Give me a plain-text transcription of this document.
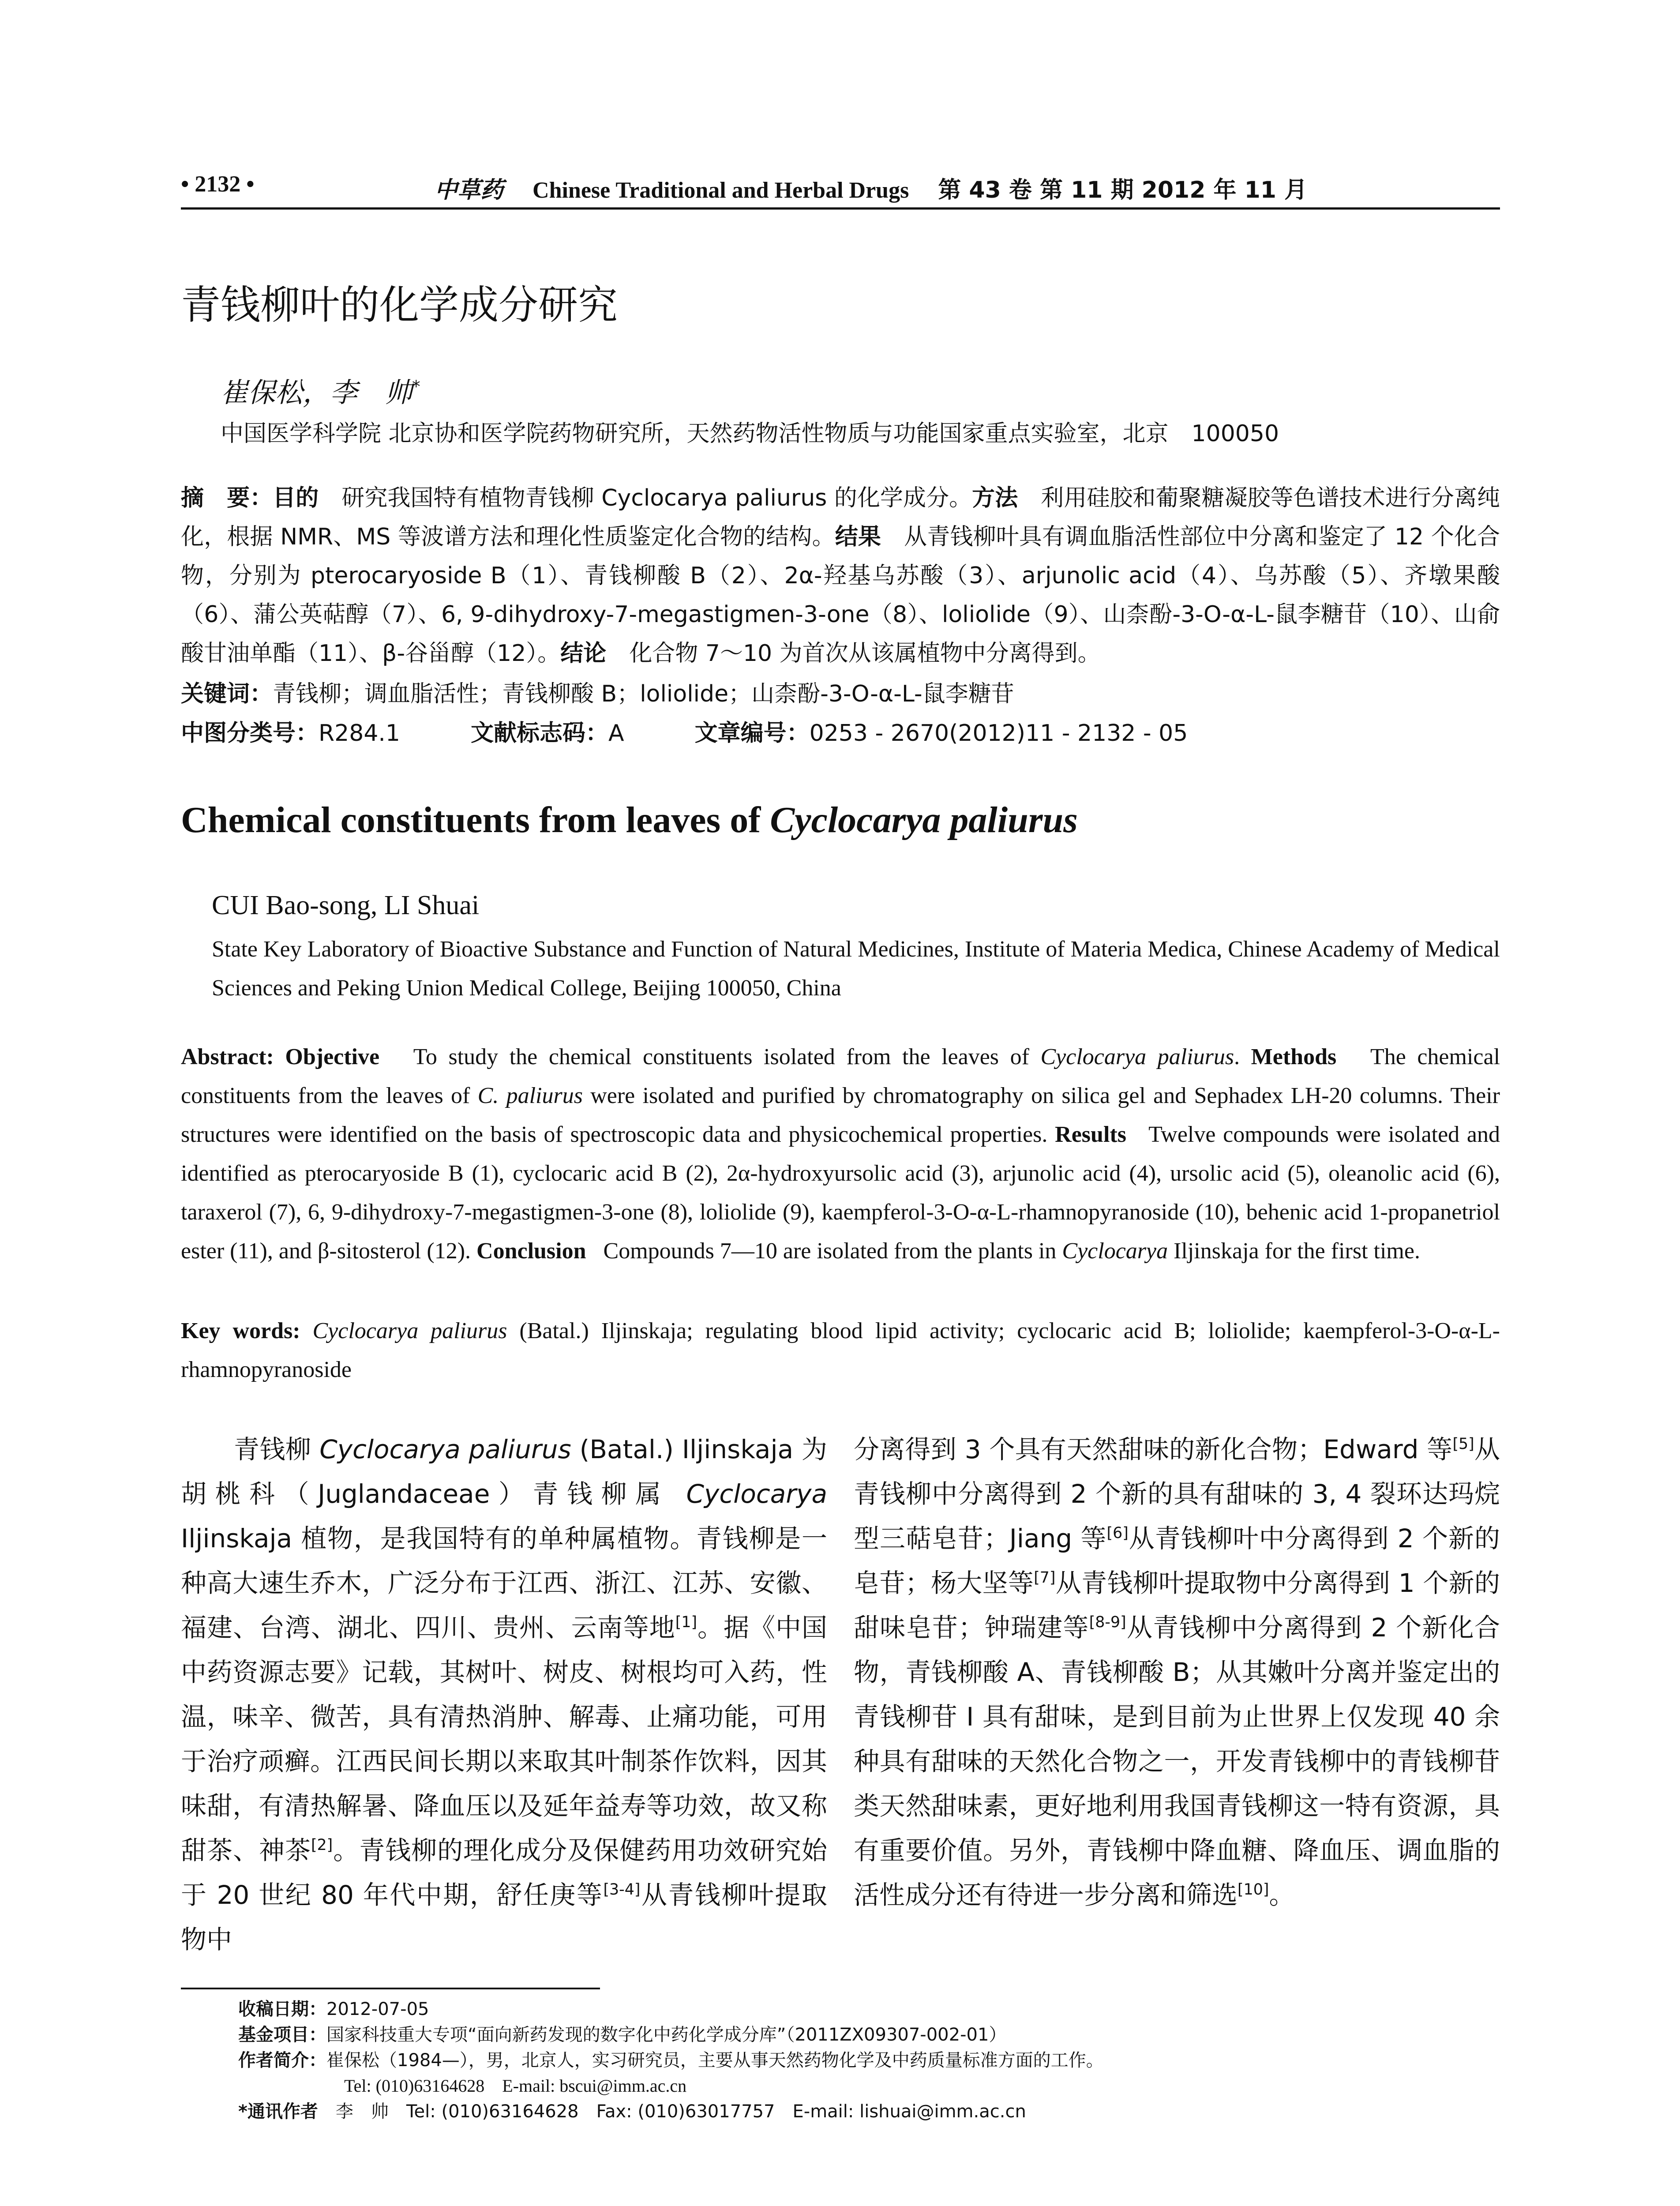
• 2132 •	中草药 Chinese Traditional and Herbal Drugs 第 43 卷 第 11 期 2012 年 11 月
青钱柳叶的化学成分研究
崔保松，李　帅*
中国医学科学院 北京协和医学院药物研究所，天然药物活性物质与功能国家重点实验室，北京　100050
摘　要：目的　 研究我国特有植物青钱柳 Cyclocarya paliurus 的化学成分。方法　 利用硅胶和葡聚糖凝胶等色谱技术进行分离纯化，根据 NMR、MS 等波谱方法和理化性质鉴定化合物的结构。结果　 从青钱柳叶具有调血脂活性部位中分离和鉴定了 12 个化合物，分别为 pterocaryoside B（1）、青钱柳酸 B（2）、2α-羟基乌苏酸（3）、arjunolic acid（4）、乌苏酸（5）、齐墩果酸（6）、蒲公英萜醇（7）、6, 9-dihydroxy-7-megastigmen-3-one（8）、loliolide（9）、山柰酚-3-O-α-L-鼠李糖苷（10）、山俞酸甘油单酯（11）、β-谷甾醇（12）。结论　 化合物 7～10 为首次从该属植物中分离得到。
关键词：青钱柳；调血脂活性；青钱柳酸 B；loliolide；山柰酚-3-O-α-L-鼠李糖苷
中图分类号：R284.1	文献标志码：A	文章编号：0253 - 2670(2012)11 - 2132 - 05
Chemical constituents from leaves of Cyclocarya paliurus
CUI Bao-song, LI Shuai
State Key Laboratory of Bioactive Substance and Function of Natural Medicines, Institute of Materia Medica, Chinese Academy of Medical Sciences and Peking Union Medical College, Beijing 100050, China
Abstract: Objective To study the chemical constituents isolated from the leaves of Cyclocarya paliurus. Methods The chemical constituents from the leaves of C. paliurus were isolated and purified by chromatography on silica gel and Sephadex LH-20 columns. Their structures were identified on the basis of spectroscopic data and physicochemical properties. Results Twelve compounds were isolated and identified as pterocaryoside B (1), cyclocaric acid B (2), 2α-hydroxyursolic acid (3), arjunolic acid (4), ursolic acid (5), oleanolic acid (6), taraxerol (7), 6, 9-dihydroxy-7-megastigmen-3-one (8), loliolide (9), kaempferol-3-O-α-L-rhamnopyranoside (10), behenic acid 1-propanetriol ester (11), and β-sitosterol (12). Conclusion Compounds 7—10 are isolated from the plants in Cyclocarya Iljinskaja for the first time.
Key words: Cyclocarya paliurus (Batal.) Iljinskaja; regulating blood lipid activity; cyclocaric acid B; loliolide; kaempferol-3-O-α-L-rhamnopyranoside
青钱柳 Cyclocarya paliurus (Batal.) Iljinskaja 为胡桃科（Juglandaceae）青钱柳属 Cyclocarya Iljinskaja 植物，是我国特有的单种属植物。青钱柳是一种高大速生乔木，广泛分布于江西、浙江、江苏、安徽、福建、台湾、湖北、四川、贵州、云南等地[1]。据《中国中药资源志要》记载，其树叶、树皮、树根均可入药，性温，味辛、微苦，具有清热消肿、解毒、止痛功能，可用于治疗顽癣。江西民间长期以来取其叶制茶作饮料，因其味甜，有清热解暑、降血压以及延年益寿等功效，故又称甜茶、神茶[2]。青钱柳的理化成分及保健药用功效研究始于 20 世纪 80 年代中期，舒任庚等[3-4]从青钱柳叶提取物中
分离得到 3 个具有天然甜味的新化合物；Edward 等[5]从青钱柳中分离得到 2 个新的具有甜味的 3, 4 裂环达玛烷型三萜皂苷；Jiang 等[6]从青钱柳叶中分离得到 2 个新的皂苷；杨大坚等[7]从青钱柳叶提取物中分离得到 1 个新的甜味皂苷；钟瑞建等[8-9]从青钱柳中分离得到 2 个新化合物，青钱柳酸 A、青钱柳酸 B；从其嫩叶分离并鉴定出的青钱柳苷 I 具有甜味，是到目前为止世界上仅发现 40 余种具有甜味的天然化合物之一，开发青钱柳中的青钱柳苷类天然甜味素，更好地利用我国青钱柳这一特有资源，具有重要价值。另外，青钱柳中降血糖、降血压、调血脂的活性成分还有待进一步分离和筛选[10]。
收稿日期：2012-07-05
基金项目：国家科技重大专项“面向新药发现的数字化中药化学成分库”（2011ZX09307-002-01）
作者简介：崔保松（1984—），男，北京人，实习研究员，主要从事天然药物化学及中药质量标准方面的工作。
Tel: (010)63164628　E-mail: bscui@imm.ac.cn
*通讯作者　 李　帅　Tel: (010)63164628　Fax: (010)63017757　E-mail: lishuai@imm.ac.cn
